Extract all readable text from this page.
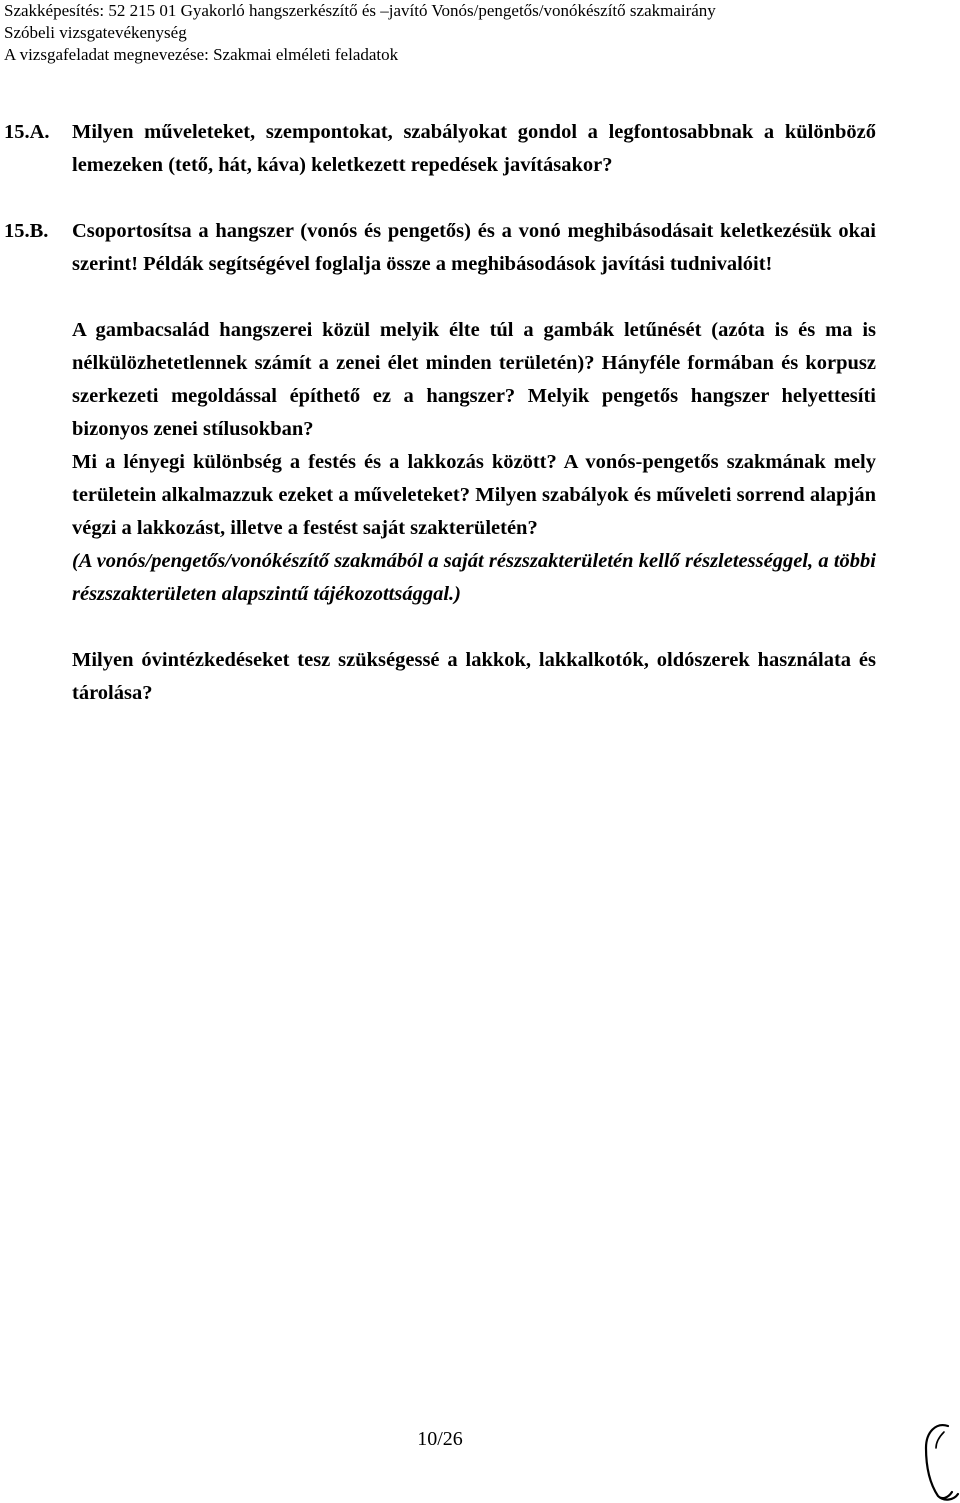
Szakképesítés: 52 215 01 Gyakorló hangszerkészítő és –javító Vonós/pengetős/vonókészítő szakmairány
Szóbeli vizsgatevékenység
A vizsgafeladat megnevezése: Szakmai elméleti feladatok
15.A. Milyen műveleteket, szempontokat, szabályokat gondol a legfontosabbnak a különböző lemezeken (tető, hát, káva) keletkezett repedések javításakor?
15.B. Csoportosítsa a hangszer (vonós és pengetős) és a vonó meghibásodásait keletkezésük okai szerint! Példák segítségével foglalja össze a meghibásodások javítási tudnivalóit!
A gambacsalád hangszerei közül melyik élte túl a gambák letűnését (azóta is és ma is nélkülözhetetlennek számít a zenei élet minden területén)? Hányféle formában és korpusz szerkezeti megoldással építhető ez a hangszer? Melyik pengetős hangszer helyettesíti bizonyos zenei stílusokban?
Mi a lényegi különbség a festés és a lakkozás között? A vonós-pengetős szakmának mely területein alkalmazzuk ezeket a műveleteket? Milyen szabályok és műveleti sorrend alapján végzi a lakkozást, illetve a festést saját szakterületén?
(A vonós/pengetős/vonókészítő szakmából a saját részszakterületén kellő részletességgel, a többi részszakterületen alapszintű tájékozottsággal.)
Milyen óvintézkedéseket tesz szükségessé a lakkok, lakkalkotók, oldószerek használata és tárolása?
10/26
